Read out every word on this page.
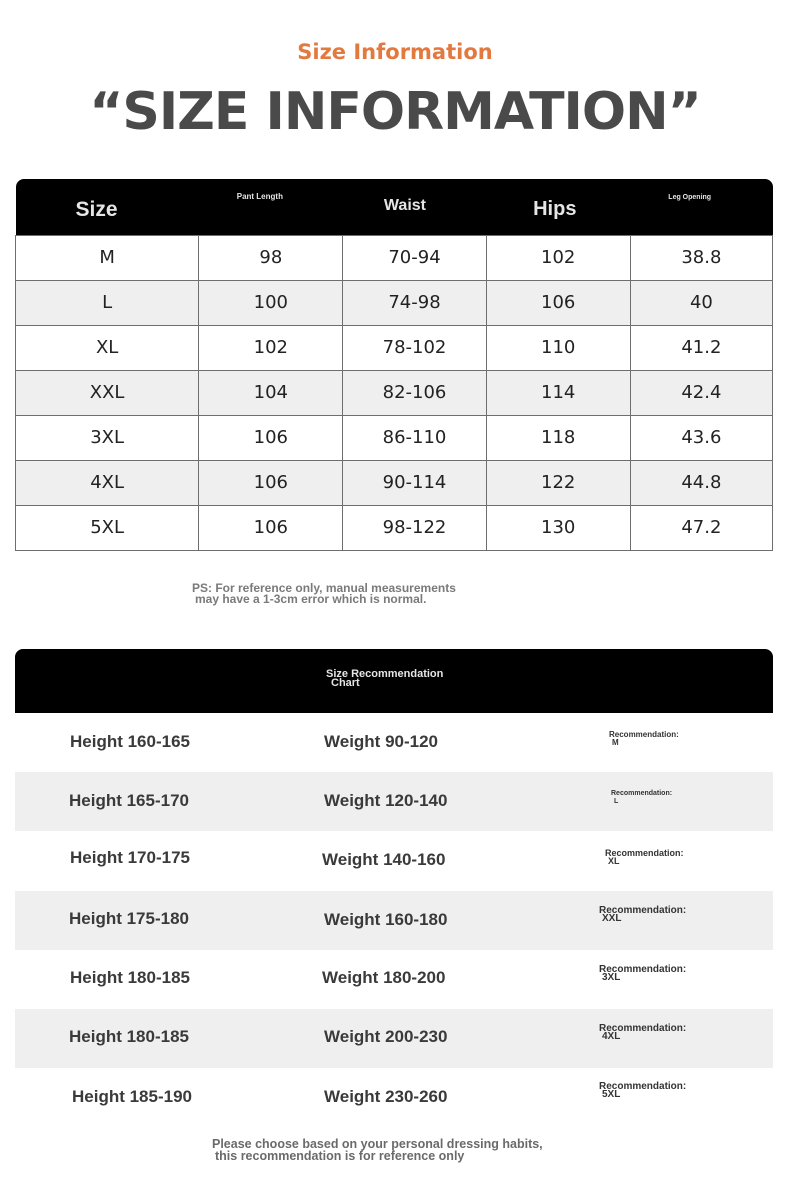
Size Information
“SIZE INFORMATION”
Size	Pant Length	Waist	Hips	Leg Opening

M	98	70-94	102	38.8
L	100	74-98	106	40
XL	102	78-102	110	41.2
XXL	104	82-106	114	42.4
3XL	106	86-110	118	43.6
4XL	106	90-114	122	44.8
5XL	106	98-122	130	47.2
PS: For reference only, manual measurements
may have a 1-3cm error which is normal.
Size Recommendation
Chart
Height 160-165	Weight 90-120	Recommendation:
M
Height 165-170	Weight 120-140	Recommendation:
L
Height 170-175	Weight 140-160	Recommendation:
XL
Height 175-180	Weight 160-180	Recommendation:
XXL
Height 180-185	Weight 180-200	Recommendation:
3XL
Height 180-185	Weight 200-230	Recommendation:
4XL
Height 185-190	Weight 230-260
Recommendation:
5XL
Please choose based on your personal dressing habits,
this recommendation is for reference only
